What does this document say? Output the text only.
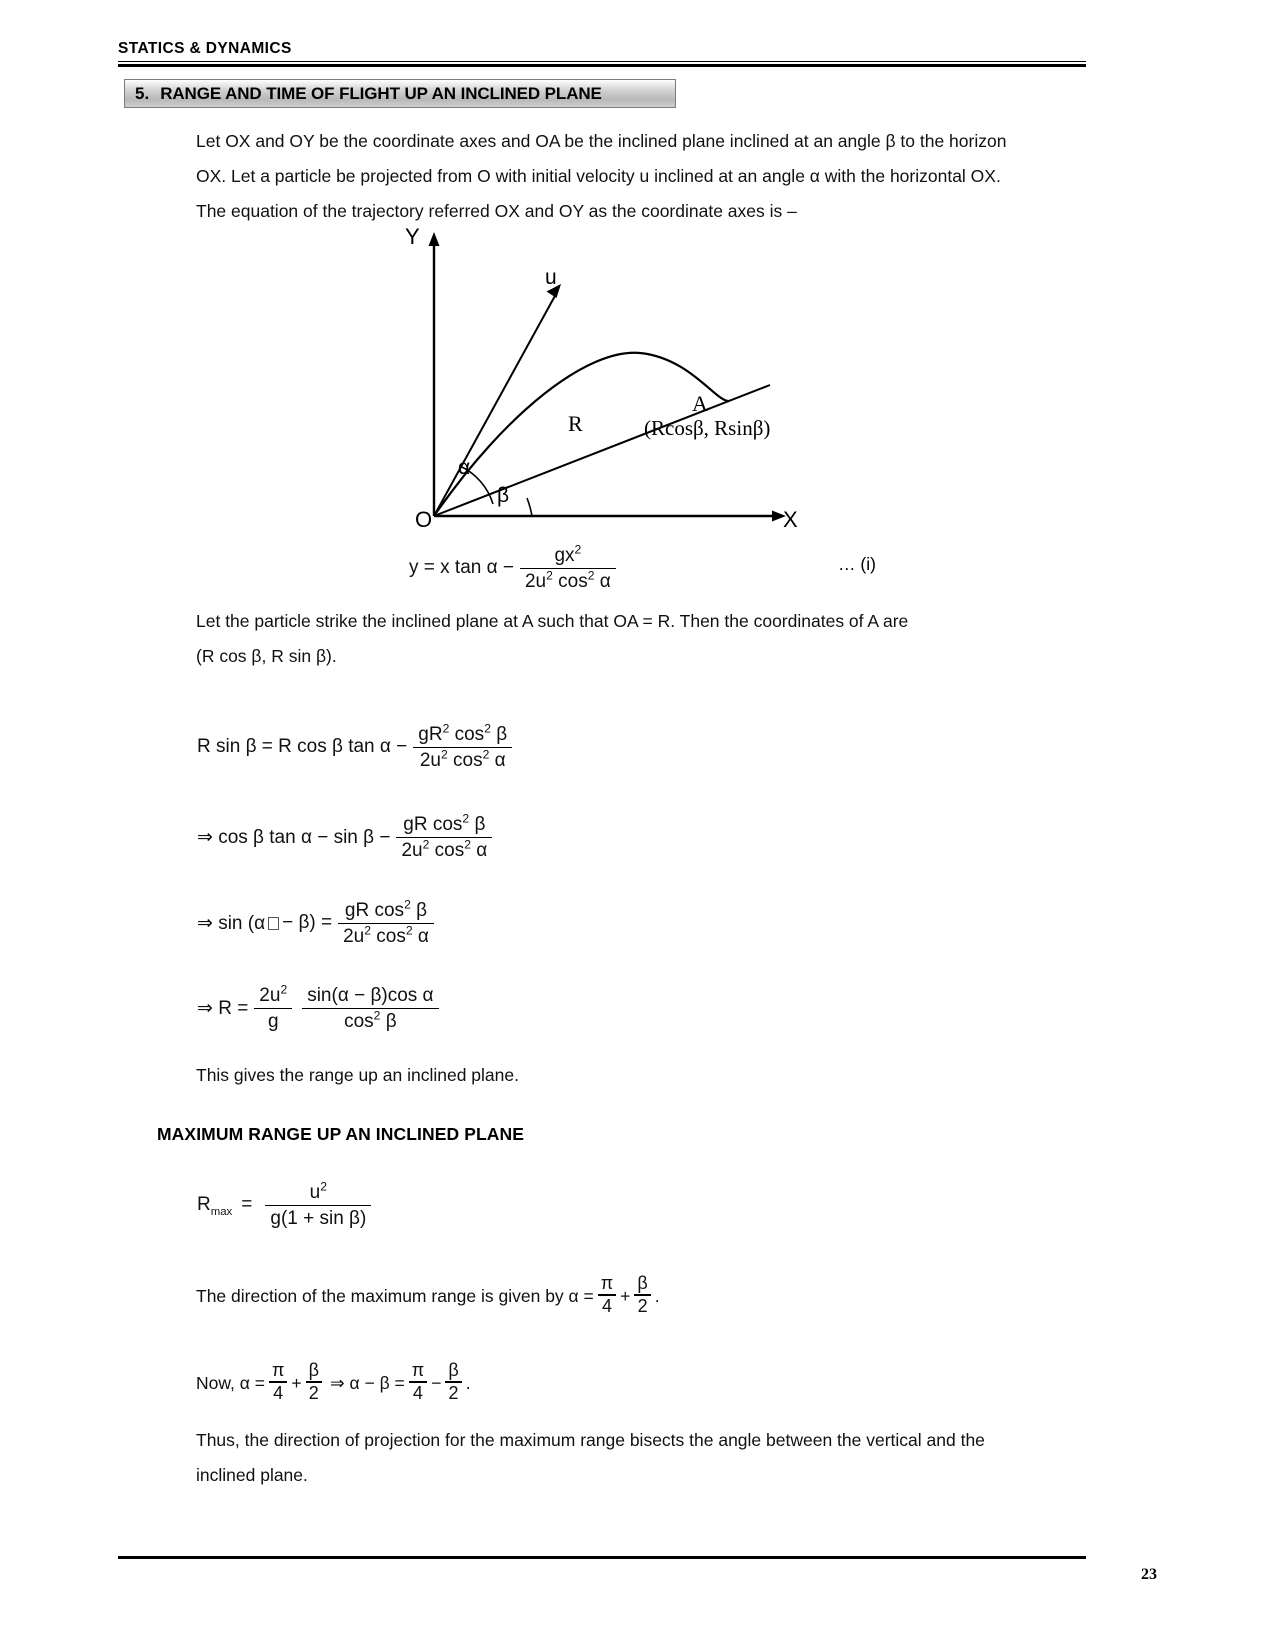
STATICS & DYNAMICS
5. RANGE AND TIME OF FLIGHT UP AN INCLINED PLANE
Let OX and OY be the coordinate axes and OA be the inclined plane inclined at an angle β to the horizon
OX. Let a particle be projected from O with initial velocity u inclined at an angle α with the horizontal OX.
The equation of the trajectory referred OX and OY as the coordinate axes is –
Y
X
O
u
R
A
(Rcosβ, Rsinβ)
α
β
y = x $\tan \alpha - \frac{gx^2}{2u^2 \cos^2 \alpha}$	… (i)
Let the particle strike the inclined plane at A such that OA = R. Then the coordinates of A are
(R cos β, R sin β).
R sin β = R cos β $\tan \alpha - \frac{gR^2 \cos^2 \beta}{2u^2 \cos^2 \alpha}$
⇒ cos β $\tan \alpha - \sin \beta - \frac{gR \cos^2 \beta}{2u^2 \cos^2 \alpha}$
⇒ $\sin (\alpha - \beta) = \frac{gR \cos^2 \beta}{2u^2 \cos^2 \alpha}$
⇒ $R = \frac{2u^2}{g} \frac{\text{sin(α − β)cos α}}{\cos^2 \beta}$
This gives the range up an inclined plane.
MAXIMUM RANGE UP AN INCLINED PLANE
$R_{max} = \frac{u^2}{\text{g(1 + sin β)}}$
The direction of the maximum range is given by $\alpha = \frac{\pi}{4} + \frac{\beta}{2}$ .
Now, $\alpha = \frac{\pi}{4} + \frac{\beta}{2}$ ⇒ $\alpha - \beta = \frac{\pi}{4} - \frac{\beta}{2}$ .
Thus, the direction of projection for the maximum range bisects the angle between the vertical and the
inclined plane.
23
